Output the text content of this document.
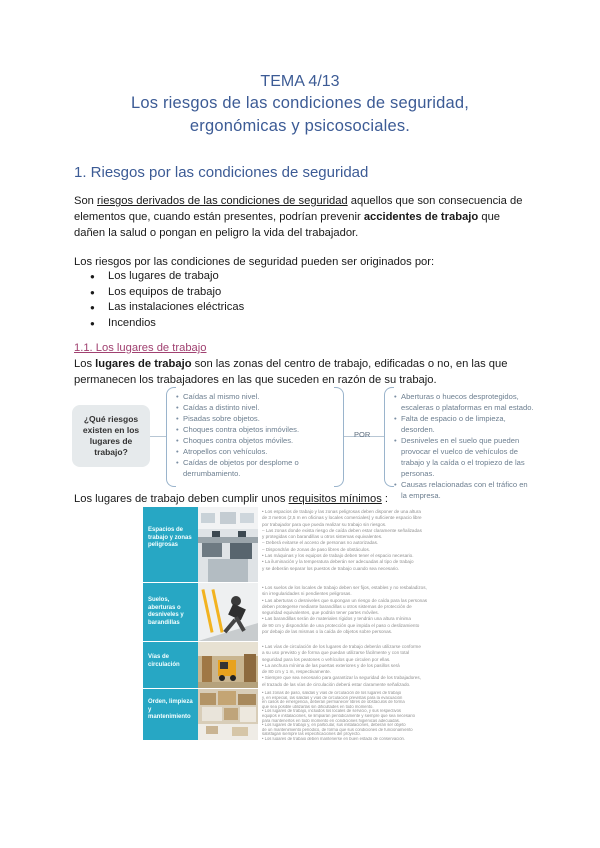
TEMA 4/13
Los riesgos de las condiciones de seguridad,
ergonómicas y psicosociales.
1. Riesgos por las condiciones de seguridad

Son riesgos derivados de las condiciones de seguridad aquellos que son consecuencia de elementos que, cuando están presentes, podrían prevenir accidentes de trabajo que dañen la salud o pongan en peligro la vida del trabajador.

Los riesgos por las condiciones de seguridad pueden ser originados por:

● Los lugares de trabajo
● Los equipos de trabajo
● Las instalaciones eléctricas
● Incendios
1.1. Los lugares de trabajo

Los lugares de trabajo son las zonas del centro de trabajo, edificadas o no, en las que permanecen los trabajadores en las que suceden en razón de su trabajo.

¿Qué riesgos existen en los lugares de trabajo?
• Caídas al mismo nivel.
• Caídas a distinto nivel.
• Pisadas sobre objetos.
• Choques contra objetos inmóviles.
• Choques contra objetos móviles.
• Atropellos con vehículos.
• Caídas de objetos por desplome o derrumbamiento.
POR
• Aberturas o huecos desprotegidos, escaleras o plataformas en mal estado.
• Falta de espacio o de limpieza, desorden.
• Desniveles en el suelo que pueden provocar el vuelco de vehículos de trabajo y la caída o el tropiezo de las personas.
• Causas relacionadas con el tráfico en la empresa.

Los lugares de trabajo deben cumplir unos requisitos mínimos :

Espacios de trabajo y zonas peligrosas
• Los espacios de trabajo y las zonas peligrosas deben disponer de una altura
de 3 metros (2,5 m en oficinas y locales comerciales) y suficiente espacio libre
por trabajador para que pueda realizar su trabajo sin riesgos.
– Las zonas donde exista riesgo de caída deben estar claramente señalizadas
y protegidas con barandillas u otros sistemas equivalentes.
– Deberá evitarse el acceso de personas no autorizadas.
– Dispondrán de zonas de paso libres de obstáculos.
• Las máquinas y los equipos de trabajo deben tener el espacio necesario.
• La iluminación y la temperatura deberán ser adecuadas al tipo de trabajo
y se deberán separar los puestos de trabajo cuando sea necesario.
Suelos, aberturas o desniveles y barandillas
• Los suelos de los locales de trabajo deben ser fijos, estables y no resbaladizos,
sin irregularidades ni pendientes peligrosas.
• Las aberturas o desniveles que supongan un riesgo de caída para las personas
deben protegerse mediante barandillas u otros sistemas de protección de
seguridad equivalentes, que podrán tener partes móviles.
• Las barandillas serán de materiales rígidos y tendrán una altura mínima
de 90 cm y dispondrán de una protección que impida el paso o deslizamiento
por debajo de las mismas o la caída de objetos sobre personas.
Vías de circulación
• Las vías de circulación de los lugares de trabajo deberán utilizarse conforme
a su uso previsto y de forma que puedan utilizarse fácilmente y con total
seguridad para los peatones o vehículos que circulen por ellas.
• La anchura mínima de las puertas exteriores y de los pasillos será
de 80 cm y 1 m, respectivamente.
• Siempre que sea necesario para garantizar la seguridad de los trabajadores,
el trazado de las vías de circulación deberá estar claramente señalizado.
Orden, limpieza y mantenimiento
• Las zonas de paso, salidas y vías de circulación de los lugares de trabajo
y, en especial, las salidas y vías de circulación previstas para la evacuación
en casos de emergencia, deberán permanecer libres de obstáculos de forma
que sea posible utilizarlas sin dificultades en todo momento.
• Los lugares de trabajo, incluidos los locales de servicio, y sus respectivos
equipos e instalaciones, se limpiarán periódicamente y siempre que sea necesario
para mantenerlos en todo momento en condiciones higiénicas adecuadas.
• Los lugares de trabajo y, en particular, sus instalaciones, deberán ser objeto
de un mantenimiento periódico, de forma que sus condiciones de funcionamiento
satisfagan siempre las especificaciones del proyecto.
• Los lugares de trabajo deben mantenerse en buen estado de conservación.
